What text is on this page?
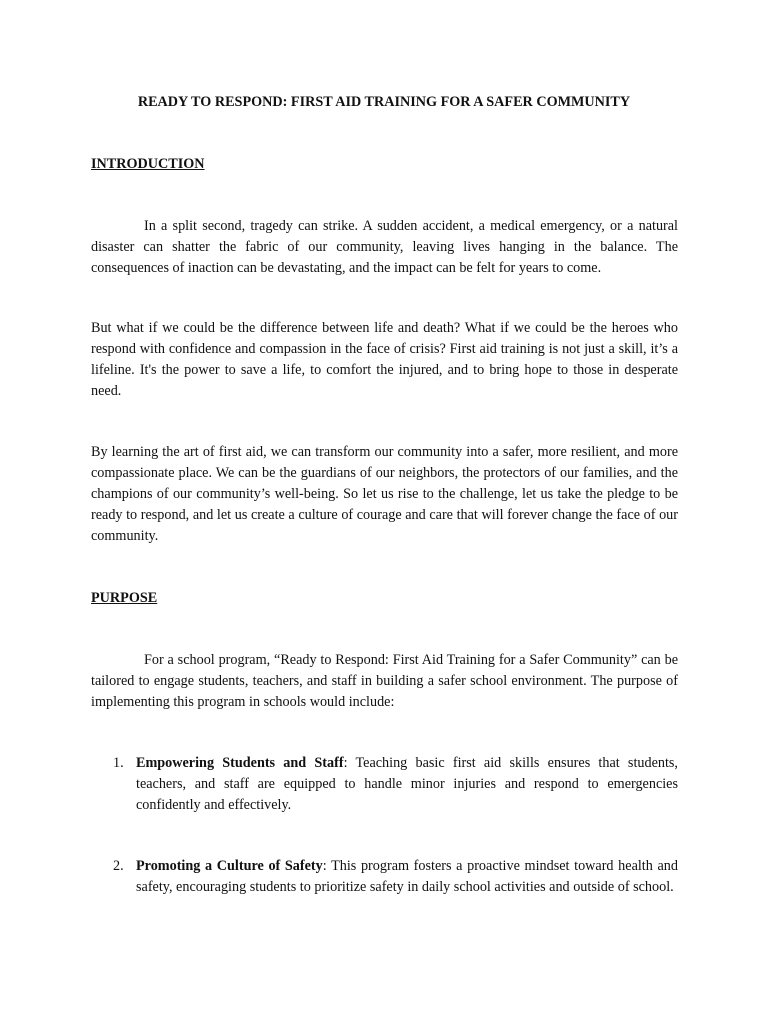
READY TO RESPOND: FIRST AID TRAINING FOR A SAFER COMMUNITY
INTRODUCTION

In a split second, tragedy can strike. A sudden accident, a medical emergency, or a natural disaster can shatter the fabric of our community, leaving lives hanging in the balance. The consequences of inaction can be devastating, and the impact can be felt for years to come.

But what if we could be the difference between life and death? What if we could be the heroes who respond with confidence and compassion in the face of crisis? First aid training is not just a skill, it’s a lifeline. It's the power to save a life, to comfort the injured, and to bring hope to those in desperate need.

By learning the art of first aid, we can transform our community into a safer, more resilient, and more compassionate place. We can be the guardians of our neighbors, the protectors of our families, and the champions of our community’s well-being. So let us rise to the challenge, let us take the pledge to be ready to respond, and let us create a culture of courage and care that will forever change the face of our community.

PURPOSE

For a school program, “Ready to Respond: First Aid Training for a Safer Community” can be tailored to engage students, teachers, and staff in building a safer school environment. The purpose of implementing this program in schools would include:

1. Empowering Students and Staff: Teaching basic first aid skills ensures that students, teachers, and staff are equipped to handle minor injuries and respond to emergencies confidently and effectively.

2. Promoting a Culture of Safety: This program fosters a proactive mindset toward health and safety, encouraging students to prioritize safety in daily school activities and outside of school.
